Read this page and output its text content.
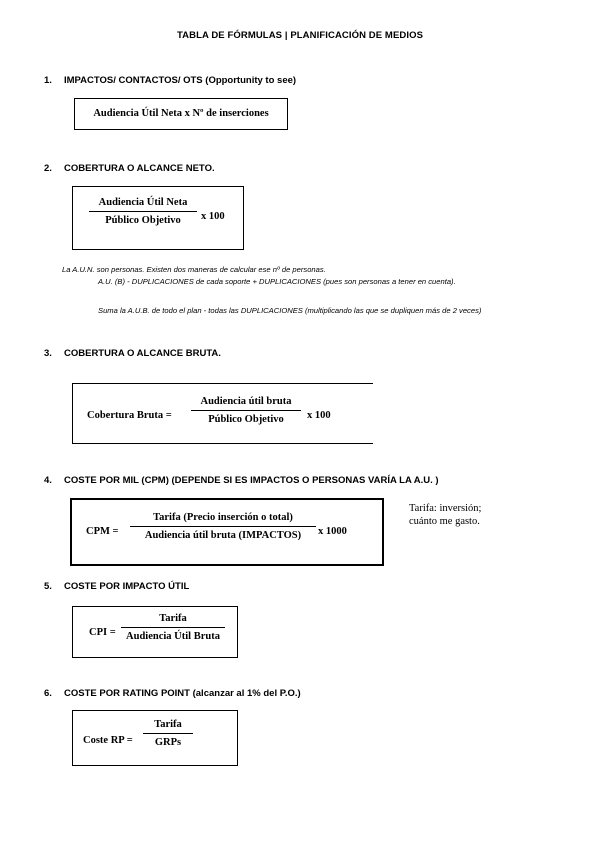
TABLA DE FÓRMULAS | PLANIFICACIÓN DE MEDIOS
1. IMPACTOS/ CONTACTOS/ OTS (Opportunity to see)
Audiencia Útil Neta x Nº de inserciones
2. COBERTURA O ALCANCE NETO.
Audiencia Útil Neta
Público Objetivo x 100
La A.U.N. son personas. Existen dos maneras de calcular ese nº de personas.
A.U. (B) - DUPLICACIONES de cada soporte + DUPLICACIONES (pues son personas a tener en cuenta).
Suma la A.U.B. de todo el plan - todas las DUPLICACIONES (multiplicando las que se dupliquen más de 2 veces)
3. COBERTURA O ALCANCE BRUTA.
Cobertura Bruta =
Audiencia útil bruta
Público Objetivo x 100
4. COSTE POR MIL (CPM) (DEPENDE SI ES IMPACTOS O PERSONAS VARÍA LA A.U. )
CPM =
Tarifa (Precio inserción o total)
Audiencia útil bruta (IMPACTOS) x 1000
Tarifa: inversión;
cuánto me gasto.
5. COSTE POR IMPACTO ÚTIL
CPI =
Tarifa
Audiencia Útil Bruta
6. COSTE POR RATING POINT (alcanzar al 1% del P.O.)
Coste RP =
Tarifa
GRPs
